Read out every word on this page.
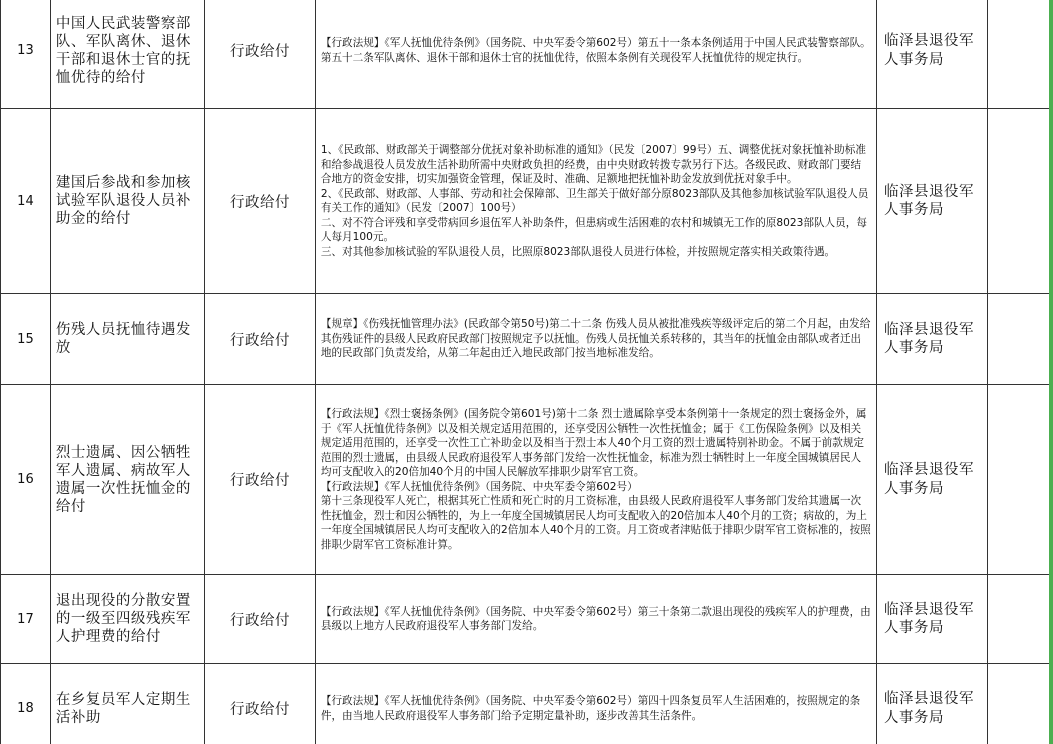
13	中国人民武装警察部队、军队离休、退休干部和退休士官的抚恤优待的给付	行政给付	【行政法规】《军人抚恤优待条例》（国务院、中央军委令第602号）第五十一条本条例适用于中国人民武装警察部队。
第五十二条军队离休、退休干部和退休士官的抚恤优待，依照本条例有关现役军人抚恤优待的规定执行。	临泽县退役军人事务局	
14	建国后参战和参加核试验军队退役人员补助金的给付	行政给付	1、《民政部、财政部关于调整部分优抚对象补助标准的通知》（民发〔2007〕99号）五、调整优抚对象抚恤补助标准和给参战退役人员发放生活补助所需中央财政负担的经费，由中央财政转拨专款另行下达。各级民政、财政部门要结合地方的资金安排，切实加强资金管理，保证及时、准确、足额地把抚恤补助金发放到优抚对象手中。
2、《民政部、财政部、人事部、劳动和社会保障部、卫生部关于做好部分原8023部队及其他参加核试验军队退役人员有关工作的通知》（民发〔2007〕100号）
二、对不符合评残和享受带病回乡退伍军人补助条件，但患病或生活困难的农村和城镇无工作的原8023部队人员，每人每月100元。
三、对其他参加核试验的军队退役人员，比照原8023部队退役人员进行体检，并按照规定落实相关政策待遇。	临泽县退役军人事务局	
15	伤残人员抚恤待遇发放	行政给付	【规章】《伤残抚恤管理办法》(民政部令第50号)第二十二条 伤残人员从被批准残疾等级评定后的第二个月起，由发给其伤残证件的县级人民政府民政部门按照规定予以抚恤。伤残人员抚恤关系转移的，其当年的抚恤金由部队或者迁出地的民政部门负责发给，从第二年起由迁入地民政部门按当地标准发给。	临泽县退役军人事务局	
16	烈士遗属、因公牺牲军人遗属、病故军人遗属一次性抚恤金的给付	行政给付	【行政法规】《烈士褒扬条例》(国务院令第601号)第十二条 烈士遗属除享受本条例第十一条规定的烈士褒扬金外，属于《军人抚恤优待条例》以及相关规定适用范围的，还享受因公牺牲一次性抚恤金；属于《工伤保险条例》以及相关规定适用范围的，还享受一次性工亡补助金以及相当于烈士本人40个月工资的烈士遗属特别补助金。不属于前款规定范围的烈士遗属，由县级人民政府退役军人事务部门发给一次性抚恤金，标准为烈士牺牲时上一年度全国城镇居民人均可支配收入的20倍加40个月的中国人民解放军排职少尉军官工资。
【行政法规】《军人抚恤优待条例》（国务院、中央军委令第602号）
第十三条现役军人死亡，根据其死亡性质和死亡时的月工资标准，由县级人民政府退役军人事务部门发给其遗属一次性抚恤金，烈士和因公牺牲的，为上一年度全国城镇居民人均可支配收入的20倍加本人40个月的工资；病故的，为上一年度全国城镇居民人均可支配收入的2倍加本人40个月的工资。月工资或者津贴低于排职少尉军官工资标准的，按照排职少尉军官工资标准计算。	临泽县退役军人事务局	
17	退出现役的分散安置的一级至四级残疾军人护理费的给付	行政给付	【行政法规】《军人抚恤优待条例》（国务院、中央军委令第602号）第三十条第二款退出现役的残疾军人的护理费，由县级以上地方人民政府退役军人事务部门发给。	临泽县退役军人事务局	
18	在乡复员军人定期生活补助	行政给付	【行政法规】《军人抚恤优待条例》（国务院、中央军委令第602号）第四十四条复员军人生活困难的，按照规定的条件，由当地人民政府退役军人事务部门给予定期定量补助，逐步改善其生活条件。	临泽县退役军人事务局	
